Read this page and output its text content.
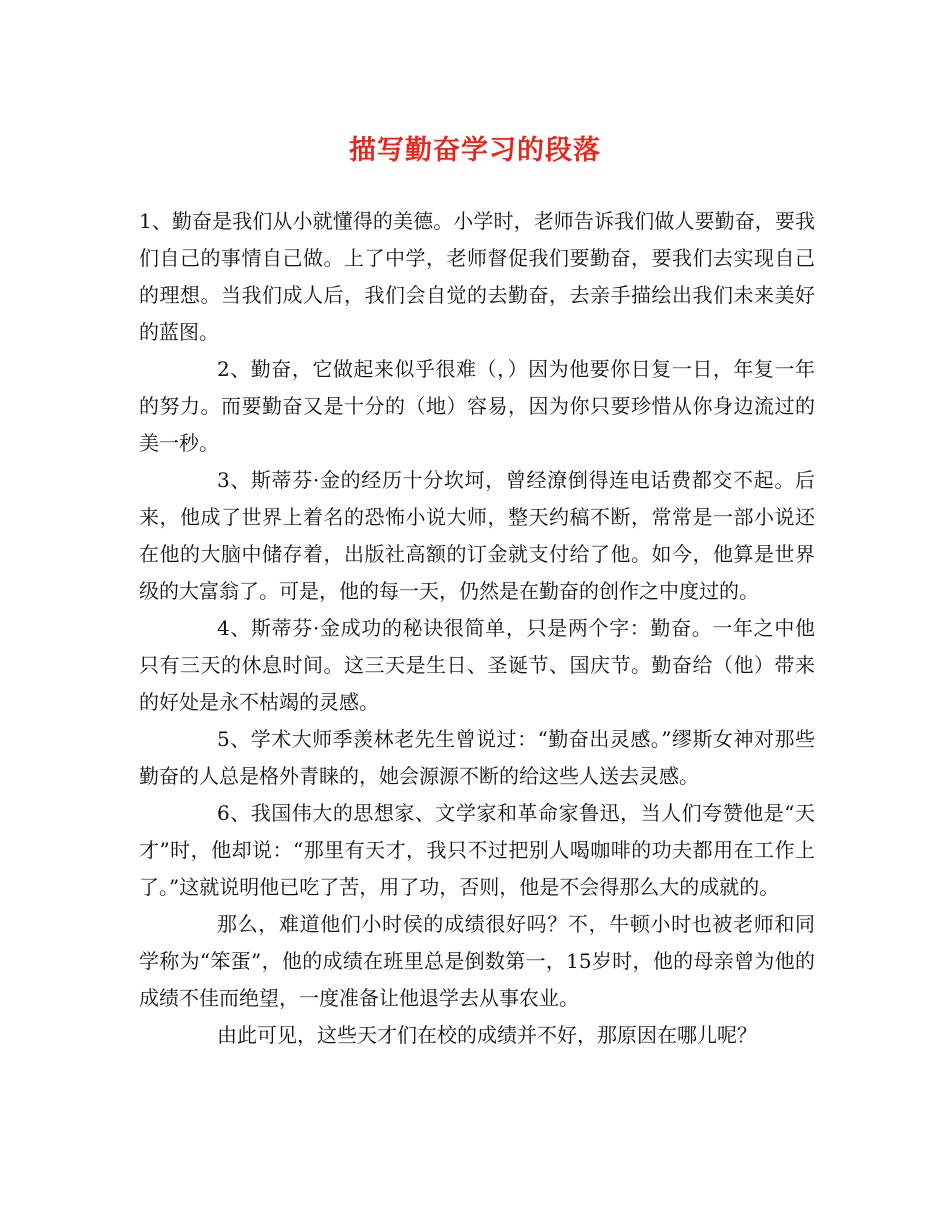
描写勤奋学习的段落

1、勤奋是我们从小就懂得的美德。小学时，老师告诉我们做人要勤奋，要我们自己的事情自己做。上了中学，老师督促我们要勤奋，要我们去实现自己的理想。当我们成人后，我们会自觉的去勤奋，去亲手描绘出我们未来美好的蓝图。

2、勤奋，它做起来似乎很难（，）因为他要你日复一日，年复一年的努力。而要勤奋又是十分的（地）容易，因为你只要珍惜从你身边流过的美一秒。

3、斯蒂芬·金的经历十分坎坷，曾经潦倒得连电话费都交不起。后来，他成了世界上着名的恐怖小说大师，整天约稿不断，常常是一部小说还在他的大脑中储存着，出版社高额的订金就支付给了他。如今，他算是世界级的大富翁了。可是，他的每一天，仍然是在勤奋的创作之中度过的。

4、斯蒂芬·金成功的秘诀很简单，只是两个字：勤奋。一年之中他只有三天的休息时间。这三天是生日、圣诞节、国庆节。勤奋给（他）带来的好处是永不枯竭的灵感。

5、学术大师季羡林老先生曾说过：“勤奋出灵感。”缪斯女神对那些勤奋的人总是格外青睐的，她会源源不断的给这些人送去灵感。

6、我国伟大的思想家、文学家和革命家鲁迅，当人们夸赞他是“天才”时，他却说：“那里有天才，我只不过把别人喝咖啡的功夫都用在工作上了。”这就说明他已吃了苦，用了功，否则，他是不会得那么大的成就的。

那么，难道他们小时侯的成绩很好吗？不，牛顿小时也被老师和同学称为“笨蛋”，他的成绩在班里总是倒数第一，15岁时，他的母亲曾为他的成绩不佳而绝望，一度准备让他退学去从事农业。

由此可见，这些天才们在校的成绩并不好，那原因在哪儿呢？
